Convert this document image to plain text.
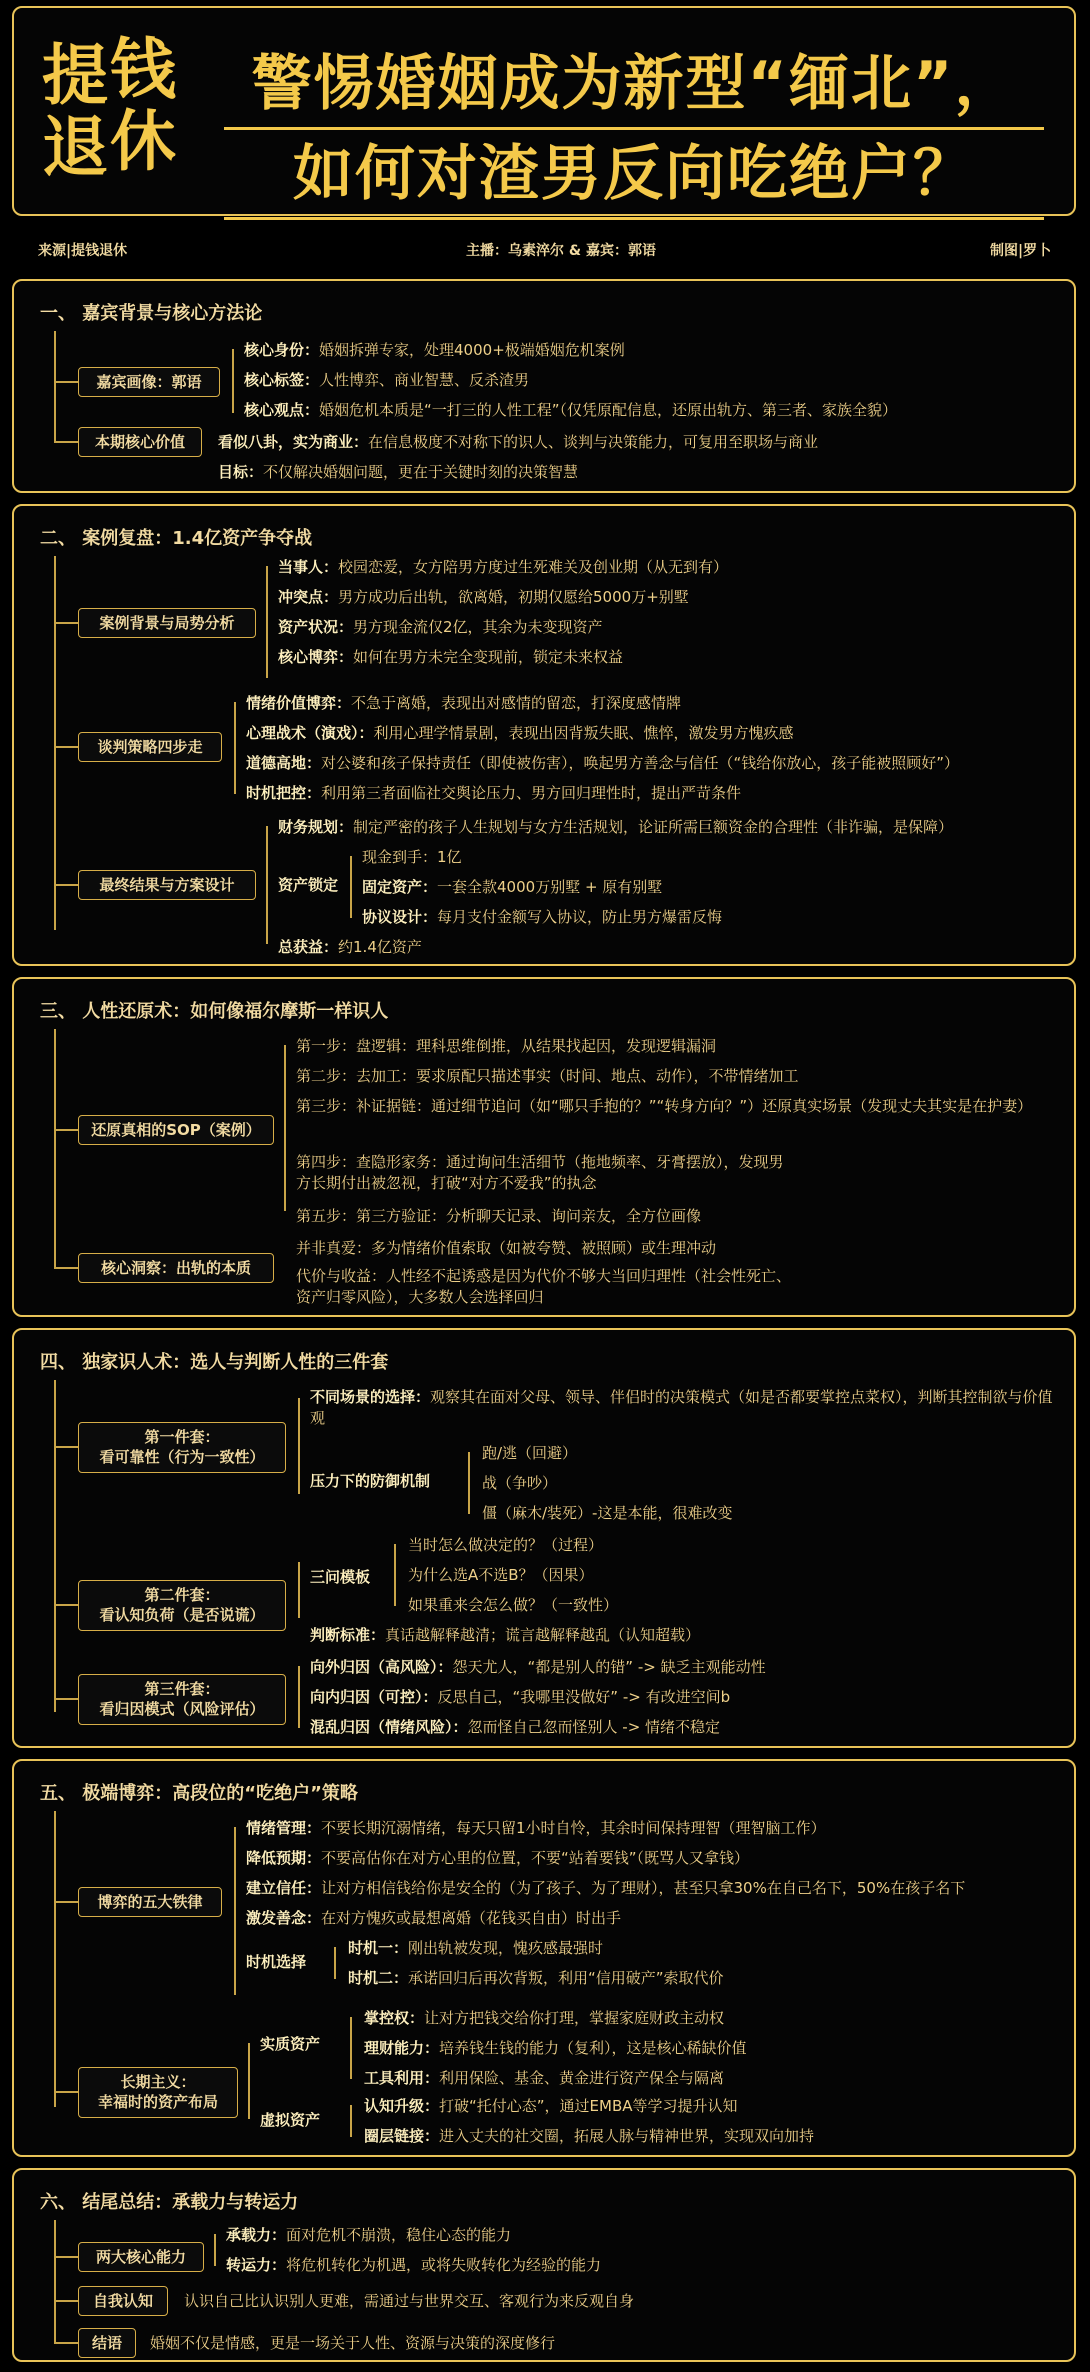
提 钱
退 休
警惕婚姻成为新型“缅北”，
如何对渣男反向吃绝户？
来源|提钱退休	主播：乌素淬尔 & 嘉宾：郭语	制图|罗卜
一、 嘉宾背景与核心方法论
嘉宾画像：郭语
核心身份：婚姻拆弹专家，处理4000+极端婚姻危机案例
核心标签：人性博弈、商业智慧、反杀渣男
核心观点：婚姻危机本质是“一打三的人性工程”（仅凭原配信息，还原出轨方、第三者、家族全貌）
本期核心价值	看似八卦，实为商业：在信息极度不对称下的识人、谈判与决策能力，可复用至职场与商业
目标：不仅解决婚姻问题，更在于关键时刻的决策智慧
二、 案例复盘：1.4亿资产争夺战
案例背景与局势分析
当事人：校园恋爱，女方陪男方度过生死难关及创业期（从无到有）
冲突点：男方成功后出轨，欲离婚，初期仅愿给5000万+别墅
资产状况：男方现金流仅2亿，其余为未变现资产
核心博弈：如何在男方未完全变现前，锁定未来权益
谈判策略四步走
情绪价值博弈：不急于离婚，表现出对感情的留恋，打深度感情牌
心理战术（演戏）：利用心理学情景剧，表现出因背叛失眠、憔悴，激发男方愧疚感
道德高地：对公婆和孩子保持责任（即使被伤害），唤起男方善念与信任（“钱给你放心，孩子能被照顾好”）
时机把控：利用第三者面临社交舆论压力、男方回归理性时，提出严苛条件
最终结果与方案设计
财务规划：制定严密的孩子人生规划与女方生活规划，论证所需巨额资金的合理性（非诈骗，是保障）
资产锁定
现金到手：1亿
固定资产：一套全款4000万别墅 + 原有别墅
协议设计：每月支付金额写入协议，防止男方爆雷反悔
总获益：约1.4亿资产
三、 人性还原术：如何像福尔摩斯一样识人
还原真相的SOP（案例）
第一步：盘逻辑：理科思维倒推，从结果找起因，发现逻辑漏洞
第二步：去加工：要求原配只描述事实（时间、地点、动作），不带情绪加工
第三步：补证据链：通过细节追问（如“哪只手抱的？”“转身方向？”）还原真实场景（发现丈夫其实是在护妻）
第四步：查隐形家务：通过询问生活细节（拖地频率、牙膏摆放），发现男方长期付出被忽视，打破“对方不爱我”的执念
第五步：第三方验证：分析聊天记录、询问亲友，全方位画像
核心洞察：出轨的本质
并非真爱：多为情绪价值索取（如被夸赞、被照顾）或生理冲动
代价与收益：人性经不起诱惑是因为代价不够大当回归理性（社会性死亡、资产归零风险），大多数人会选择回归
四、 独家识人术：选人与判断人性的三件套
第一件套：
看可靠性（行为一致性）
不同场景的选择：观察其在面对父母、领导、伴侣时的决策模式（如是否都要掌控点菜权），判断其控制欲与价值观
压力下的防御机制
跑/逃（回避）
战（争吵）
僵（麻木/装死）-这是本能，很难改变
第二件套：
看认知负荷（是否说谎）
三问模板
当时怎么做决定的？（过程）
为什么选A不选B？（因果）
如果重来会怎么做？（一致性）
判断标准：真话越解释越清；谎言越解释越乱（认知超载）
第三件套：
看归因模式（风险评估）
向外归因（高风险）：怨天尤人，“都是别人的错” -> 缺乏主观能动性
向内归因（可控）：反思自己，“我哪里没做好” -> 有改进空间b
混乱归因（情绪风险）：忽而怪自己忽而怪别人 -> 情绪不稳定
五、 极端博弈：高段位的“吃绝户”策略
博弈的五大铁律
情绪管理：不要长期沉溺情绪，每天只留1小时自怜，其余时间保持理智（理智脑工作）
降低预期：不要高估你在对方心里的位置，不要“站着要钱”（既骂人又拿钱）
建立信任：让对方相信钱给你是安全的（为了孩子、为了理财），甚至只拿30%在自己名下，50%在孩子名下
激发善念：在对方愧疚或最想离婚（花钱买自由）时出手
时机选择
时机一：刚出轨被发现，愧疚感最强时
时机二：承诺回归后再次背叛，利用“信用破产”索取代价
长期主义：
幸福时的资产布局
实质资产
掌控权：让对方把钱交给你打理，掌握家庭财政主动权
理财能力：培养钱生钱的能力（复利），这是核心稀缺价值
工具利用：利用保险、基金、黄金进行资产保全与隔离
虚拟资产
认知升级：打破“托付心态”，通过EMBA等学习提升认知
圈层链接：进入丈夫的社交圈，拓展人脉与精神世界，实现双向加持
六、 结尾总结：承载力与转运力
两大核心能力
承载力：面对危机不崩溃，稳住心态的能力
转运力：将危机转化为机遇，或将失败转化为经验的能力
自我认知	认识自己比认识别人更难，需通过与世界交互、客观行为来反观自身
结语	婚姻不仅是情感，更是一场关于人性、资源与决策的深度修行
